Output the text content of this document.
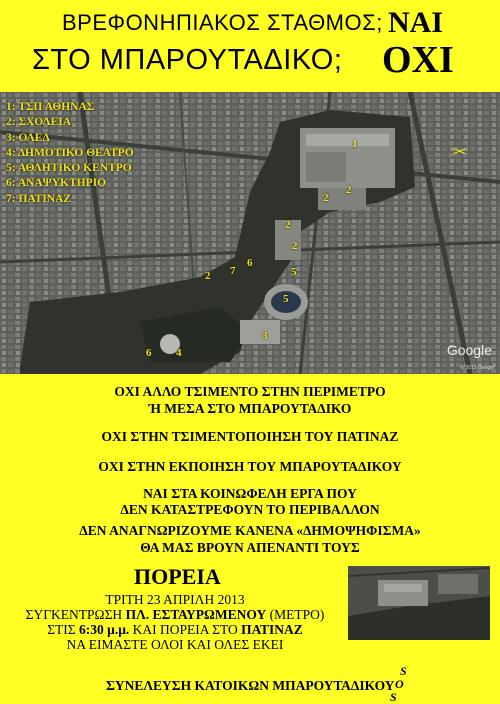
ΒΡΕΦΟΝΗΠΙΑΚΟΣ ΣΤΑΘΜΟΣ; ΝΑΙ
ΣΤΟ ΜΠΑΡΟΥΤΑΔΙΚΟ; ΟΧΙ
1: ΤΣΠ ΑΘΗΝΑΣ
2: ΣΧΟΛΕΙΑ
3: ΟΛΕΔ
4: ΔΗΜΟΤΙΚΟ ΘΕΑΤΡΟ
5: ΑΘΛΗΤΙΚΟ ΚΕΝΤΡΟ
6: ΑΝΑΨΥΚΤΗΡΙΟ
7: ΠΑΤΙΝΑΖ
1
2
2
2
2
2 7
6
5
5
3
6 4
✂
Google
© 2013 Google
ΟΧΙ ΑΛΛΟ ΤΣΙΜΕΝΤΟ ΣΤΗΝ ΠΕΡΙΜΕΤΡΟ
Ή ΜΕΣΑ ΣΤΟ ΜΠΑΡΟΥΤΑΔΙΚΟ
ΟΧΙ ΣΤΗΝ ΤΣΙΜΕΝΤΟΠΟΙΗΣΗ ΤΟΥ ΠΑΤΙΝΑΖ
ΟΧΙ ΣΤΗΝ ΕΚΠΟΙΗΣΗ ΤΟΥ ΜΠΑΡΟΥΤΑΔΙΚΟΥ
ΝΑΙ ΣΤΑ ΚΟΙΝΩΦΕΛΗ ΕΡΓΑ ΠΟΥ
ΔΕΝ ΚΑΤΑΣΤΡΕΦΟΥΝ ΤΟ ΠΕΡΙΒΑΛΛΟΝ
ΔΕΝ ΑΝΑΓΝΩΡΙΖΟΥΜΕ ΚΑΝΕΝΑ «ΔΗΜΟΨΗΦΙΣΜΑ»
ΘΑ ΜΑΣ ΒΡΟΥΝ ΑΠΕΝΑΝΤΙ ΤΟΥΣ
ΠΟΡΕΙΑ
ΤΡΙΤΗ 23 ΑΠΡΙΛΗ 2013
ΣΥΓΚΕΝΤΡΩΣΗ ΠΛ. ΕΣΤΑΥΡΩΜΕΝΟΥ (ΜΕΤΡΟ)
ΣΤΙΣ 6:30 μ.μ. ΚΑΙ ΠΟΡΕΙΑ ΣΤΟ ΠΑΤΙΝΑΖ
ΝΑ ΕΙΜΑΣΤΕ ΟΛΟΙ ΚΑΙ ΟΛΕΣ ΕΚΕΙ
ΣΥΝΕΛΕΥΣΗ ΚΑΤΟΙΚΩΝ ΜΠΑΡΟΥΤΑΔΙΚΟΥ
S
O
S
